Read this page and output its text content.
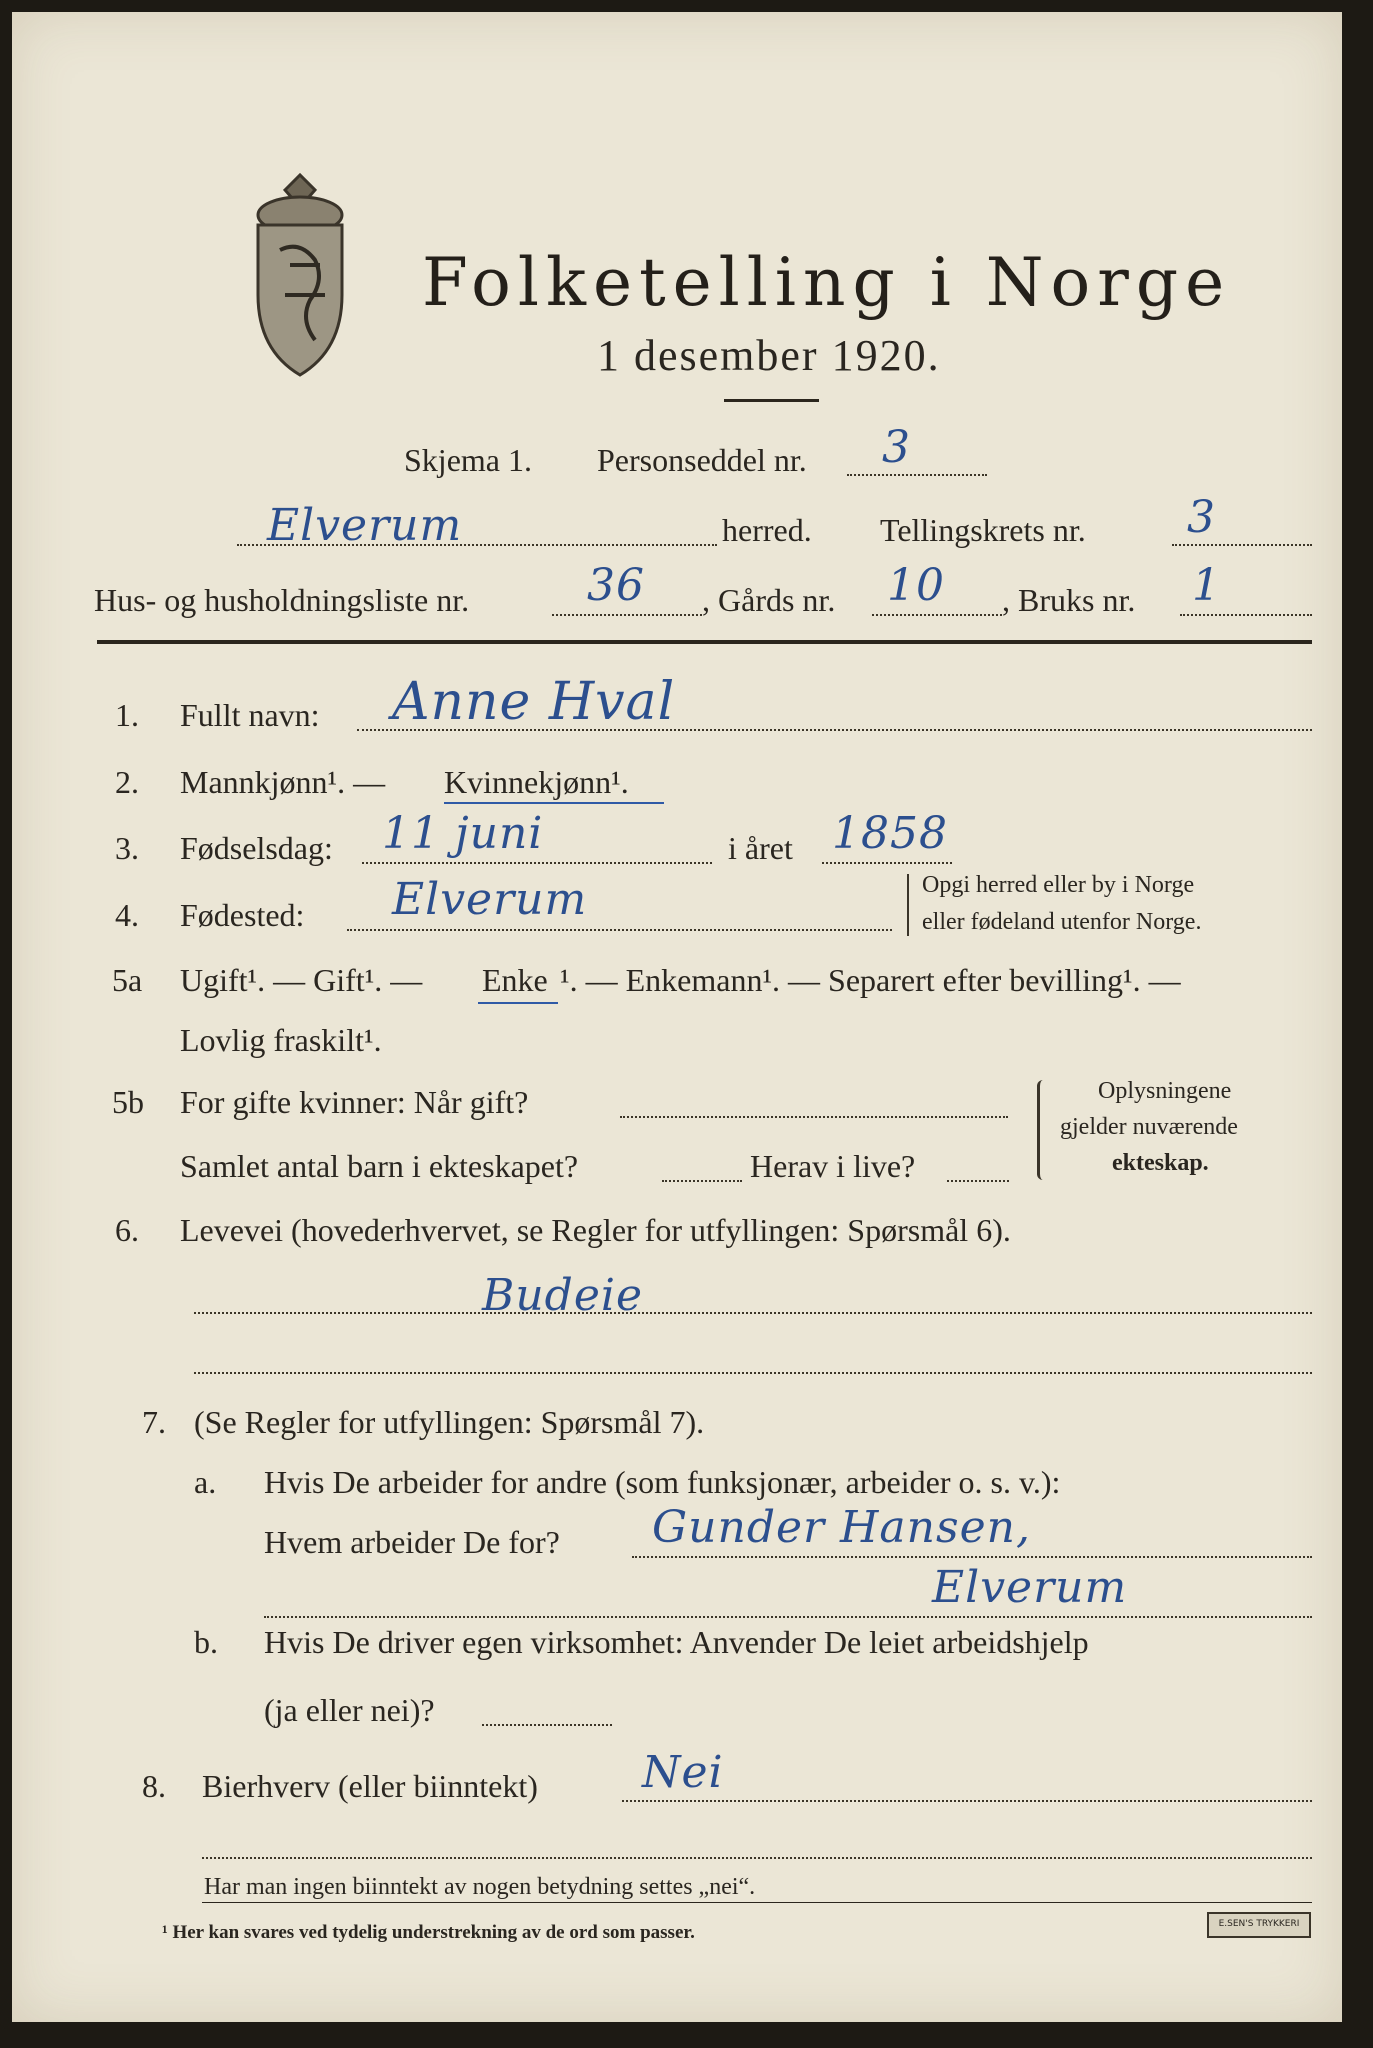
Folketelling i Norge
1 desember 1920.
Skjema 1. Personseddel nr. 3
Elverum	herred. Tellingskrets nr. 3
Hus- og husholdningsliste nr.	36 , Gårds nr. 10 , Bruks nr. 1
1. Fullt navn: Anne Hval
2. Mannkjønn¹. — Kvinnekjønn¹.
3. Fødselsdag: 11 juni	i året 1858
4. Fødested: Elverum	Opgi herred eller by i Norge
eller fødeland utenfor Norge.
5a Ugift¹. — Gift¹. — Enke ¹. — Enkemann¹. — Separert efter bevilling¹. —
Lovlig fraskilt¹.
5b For gifte kvinner: Når gift?
Samlet antal barn i ekteskapet?	Herav i live?
Oplysningene
gjelder nuværende
ekteskap.
6. Levevei (hovederhvervet, se Regler for utfyllingen: Spørsmål 6).
Budeie
7. (Se Regler for utfyllingen: Spørsmål 7).
a. Hvis De arbeider for andre (som funksjonær, arbeider o. s. v.):
Hvem arbeider De for? Gunder Hansen,
Elverum
b. Hvis De driver egen virksomhet: Anvender De leiet arbeidshjelp
(ja eller nei)?
8. Bierhverv (eller biinntekt) Nei
Har man ingen biinntekt av nogen betydning settes „nei“.
¹ Her kan svares ved tydelig understrekning av de ord som passer.	E.SEN'S TRYKKERI
